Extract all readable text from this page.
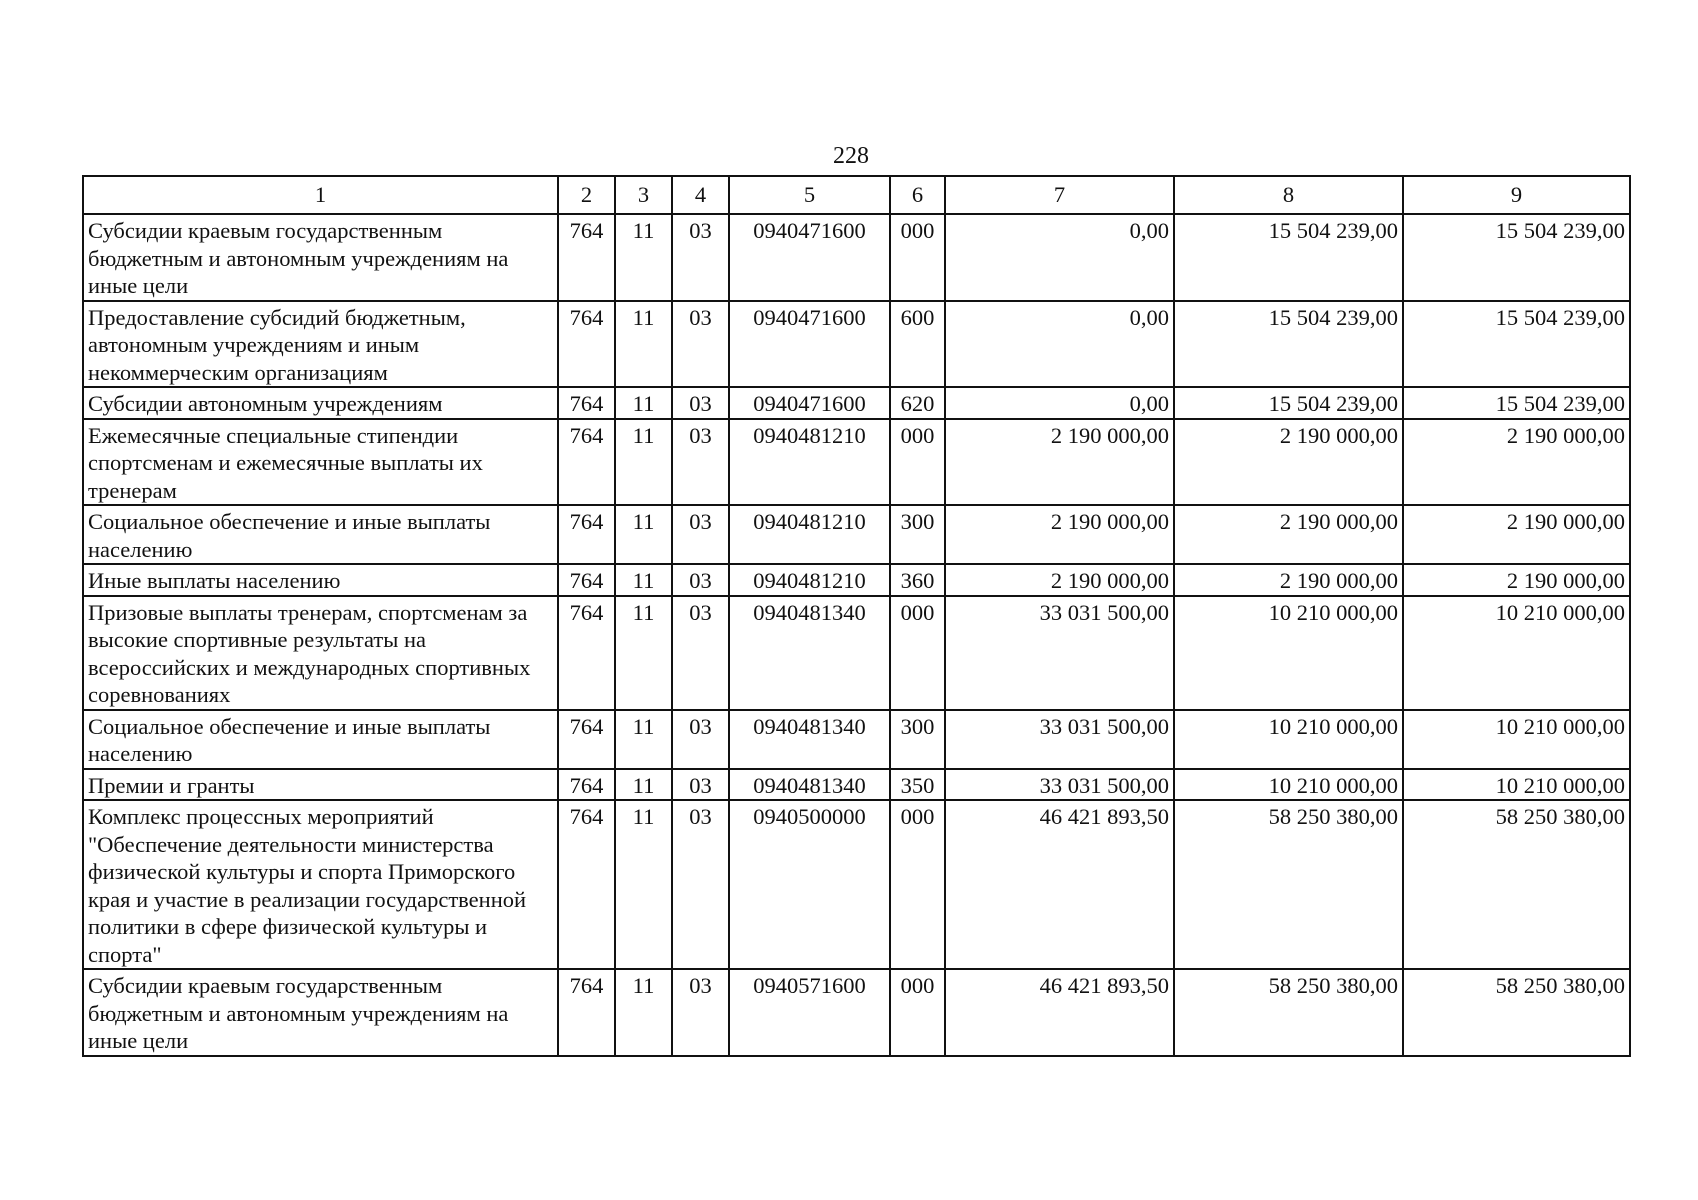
228
1	2	3	4	5	6	7	8	9
Субсидии краевым государственным бюджетным и автономным учреждениям на иные цели	764	11	03	0940471600	000	0,00	15 504 239,00	15 504 239,00
Предоставление субсидий бюджетным, автономным учреждениям и иным некоммерческим организациям	764	11	03	0940471600	600	0,00	15 504 239,00	15 504 239,00
Субсидии автономным учреждениям	764	11	03	0940471600	620	0,00	15 504 239,00	15 504 239,00
Ежемесячные специальные стипендии спортсменам и ежемесячные выплаты их тренерам	764	11	03	0940481210	000	2 190 000,00	2 190 000,00	2 190 000,00
Социальное обеспечение и иные выплаты населению	764	11	03	0940481210	300	2 190 000,00	2 190 000,00	2 190 000,00
Иные выплаты населению	764	11	03	0940481210	360	2 190 000,00	2 190 000,00	2 190 000,00
Призовые выплаты тренерам, спортсменам за высокие спортивные результаты на всероссийских и международных спортивных соревнованиях	764	11	03	0940481340	000	33 031 500,00	10 210 000,00	10 210 000,00
Социальное обеспечение и иные выплаты населению	764	11	03	0940481340	300	33 031 500,00	10 210 000,00	10 210 000,00
Премии и гранты	764	11	03	0940481340	350	33 031 500,00	10 210 000,00	10 210 000,00
Комплекс процессных мероприятий "Обеспечение деятельности министерства физической культуры и спорта Приморского края и участие в реализации государственной политики в сфере физической культуры и спорта"	764	11	03	0940500000	000	46 421 893,50	58 250 380,00	58 250 380,00
Субсидии краевым государственным бюджетным и автономным учреждениям на иные цели	764	11	03	0940571600	000	46 421 893,50	58 250 380,00	58 250 380,00
